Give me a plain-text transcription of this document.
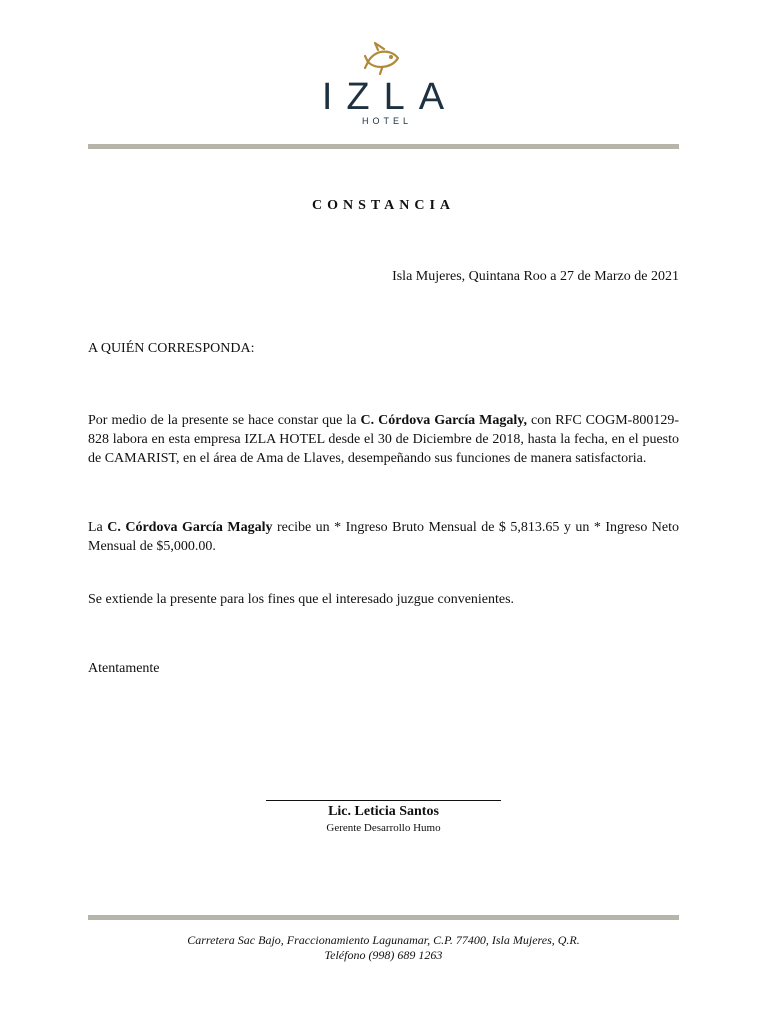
IZLA
HOTEL
CONSTANCIA
Isla Mujeres, Quintana Roo a 27 de Marzo de 2021
A QUIÉN CORRESPONDA:
Por medio de la presente se hace constar que la C. Córdova García Magaly, con RFC COGM-800129-828 labora en esta empresa IZLA HOTEL desde el 30 de Diciembre de 2018, hasta la fecha, en el puesto de CAMARIST, en el área de Ama de Llaves, desempeñando sus funciones de manera satisfactoria.
La C. Córdova García Magaly recibe un * Ingreso Bruto Mensual de $ 5,813.65 y un * Ingreso Neto Mensual de $5,000.00.
Se extiende la presente para los fines que el interesado juzgue convenientes.
Atentamente
Lic. Leticia Santos
Gerente Desarrollo Humo
Carretera Sac Bajo, Fraccionamiento Lagunamar, C.P. 77400, Isla Mujeres, Q.R.
Teléfono (998) 689 1263
